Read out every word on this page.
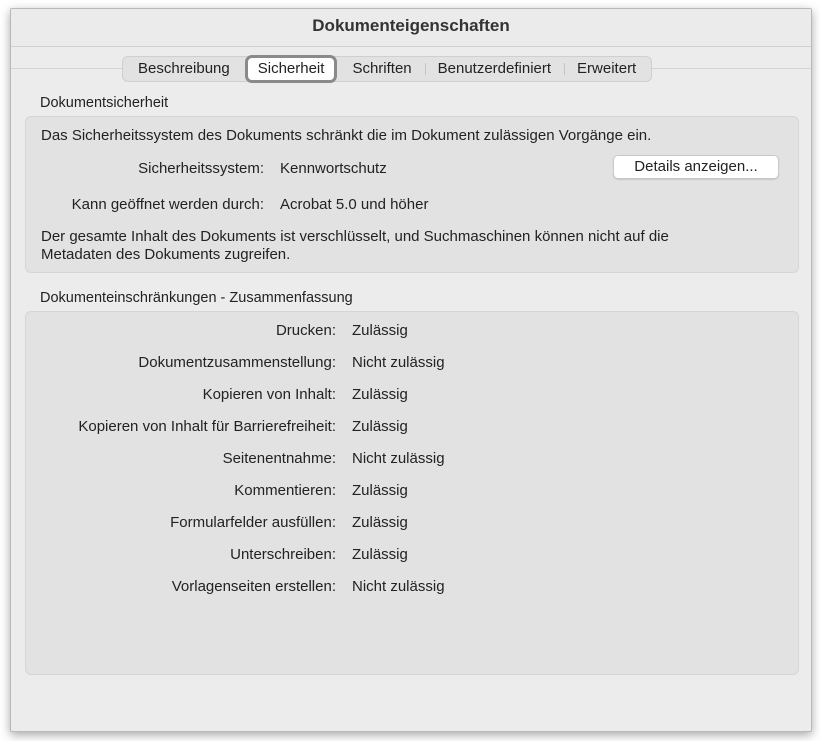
Dokumenteigenschaften
Beschreibung	Sicherheit	Schriften	Benutzerdefiniert	Erweitert
Dokumentsicherheit
Das Sicherheitssystem des Dokuments schränkt die im Dokument zulässigen Vorgänge ein.
Sicherheitssystem: Kennwortschutz	Details anzeigen...
Kann geöffnet werden durch: Acrobat 5.0 und höher
Der gesamte Inhalt des Dokuments ist verschlüsselt, und Suchmaschinen können nicht auf die
Metadaten des Dokuments zugreifen.
Dokumenteinschränkungen - Zusammenfassung
Drucken: Zulässig
Dokumentzusammenstellung: Nicht zulässig
Kopieren von Inhalt: Zulässig
Kopieren von Inhalt für Barrierefreiheit: Zulässig
Seitenentnahme: Nicht zulässig
Kommentieren: Zulässig
Formularfelder ausfüllen: Zulässig
Unterschreiben: Zulässig
Vorlagenseiten erstellen: Nicht zulässig
